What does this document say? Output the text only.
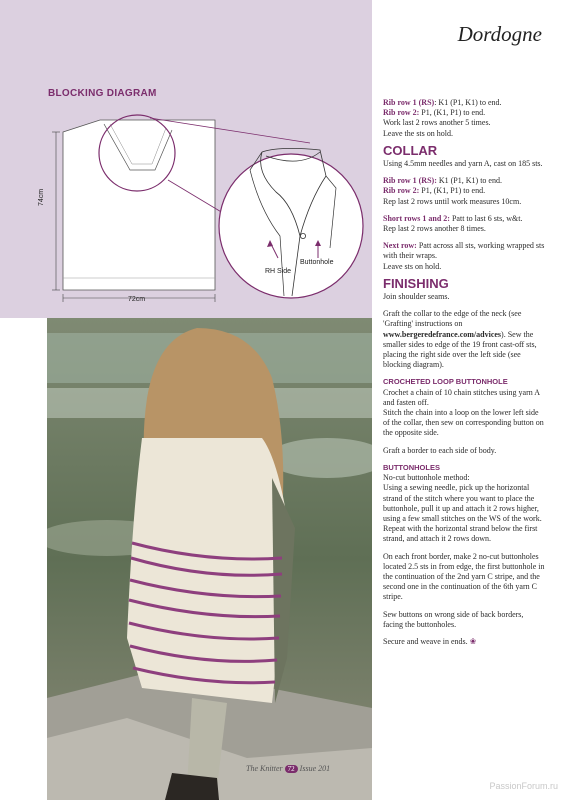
BLOCKING DIAGRAM
72cm
74cm
Buttonhole
RH Side
Dordogne

Rib row 1 (RS): K1 (P1, K1) to end.
Rib row 2: P1, (K1, P1) to end.
Work last 2 rows another 5 times.
Leave the sts on hold.

COLLAR

Using 4.5mm needles and yarn A, cast on 185 sts.

Rib row 1 (RS): K1 (P1, K1) to end.
Rib row 2: P1, (K1, P1) to end.
Rep last 2 rows until work measures 10cm.

Short rows 1 and 2: Patt to last 6 sts, w&t.
Rep last 2 rows another 8 times.

Next row: Patt across all sts, working wrapped sts with their wraps.
Leave sts on hold.

FINISHING

Join shoulder seams.

Graft the collar to the edge of the neck (see 'Grafting' instructions on www.bergeredefrance.com/advices). Sew the smaller sides to edge of the 19 front cast-off sts, placing the right side over the left side (see blocking diagram).

CROCHETED LOOP BUTTONHOLE

Crochet a chain of 10 chain stitches using yarn A and fasten off.
Stitch the chain into a loop on the lower left side of the collar, then sew on corresponding button on the opposite side.

Graft a border to each side of body.

BUTTONHOLES

No-cut buttonhole method:
Using a sewing needle, pick up the horizontal strand of the stitch where you want to place the buttonhole, pull it up and attach it 2 rows higher, using a few small stitches on the WS of the work. Repeat with the horizontal strand below the first strand, and attach it 2 rows down.

On each front border, make 2 no-cut buttonholes located 2.5 sts in from edge, the first buttonhole in the continuation of the 2nd yarn C stripe, and the second one in the continuation of the 6th yarn C stripe.

Sew buttons on wrong side of back borders, facing the buttonholes.

Secure and weave in ends. ❀

The Knitter 72 Issue 201
PassionForum.ru
